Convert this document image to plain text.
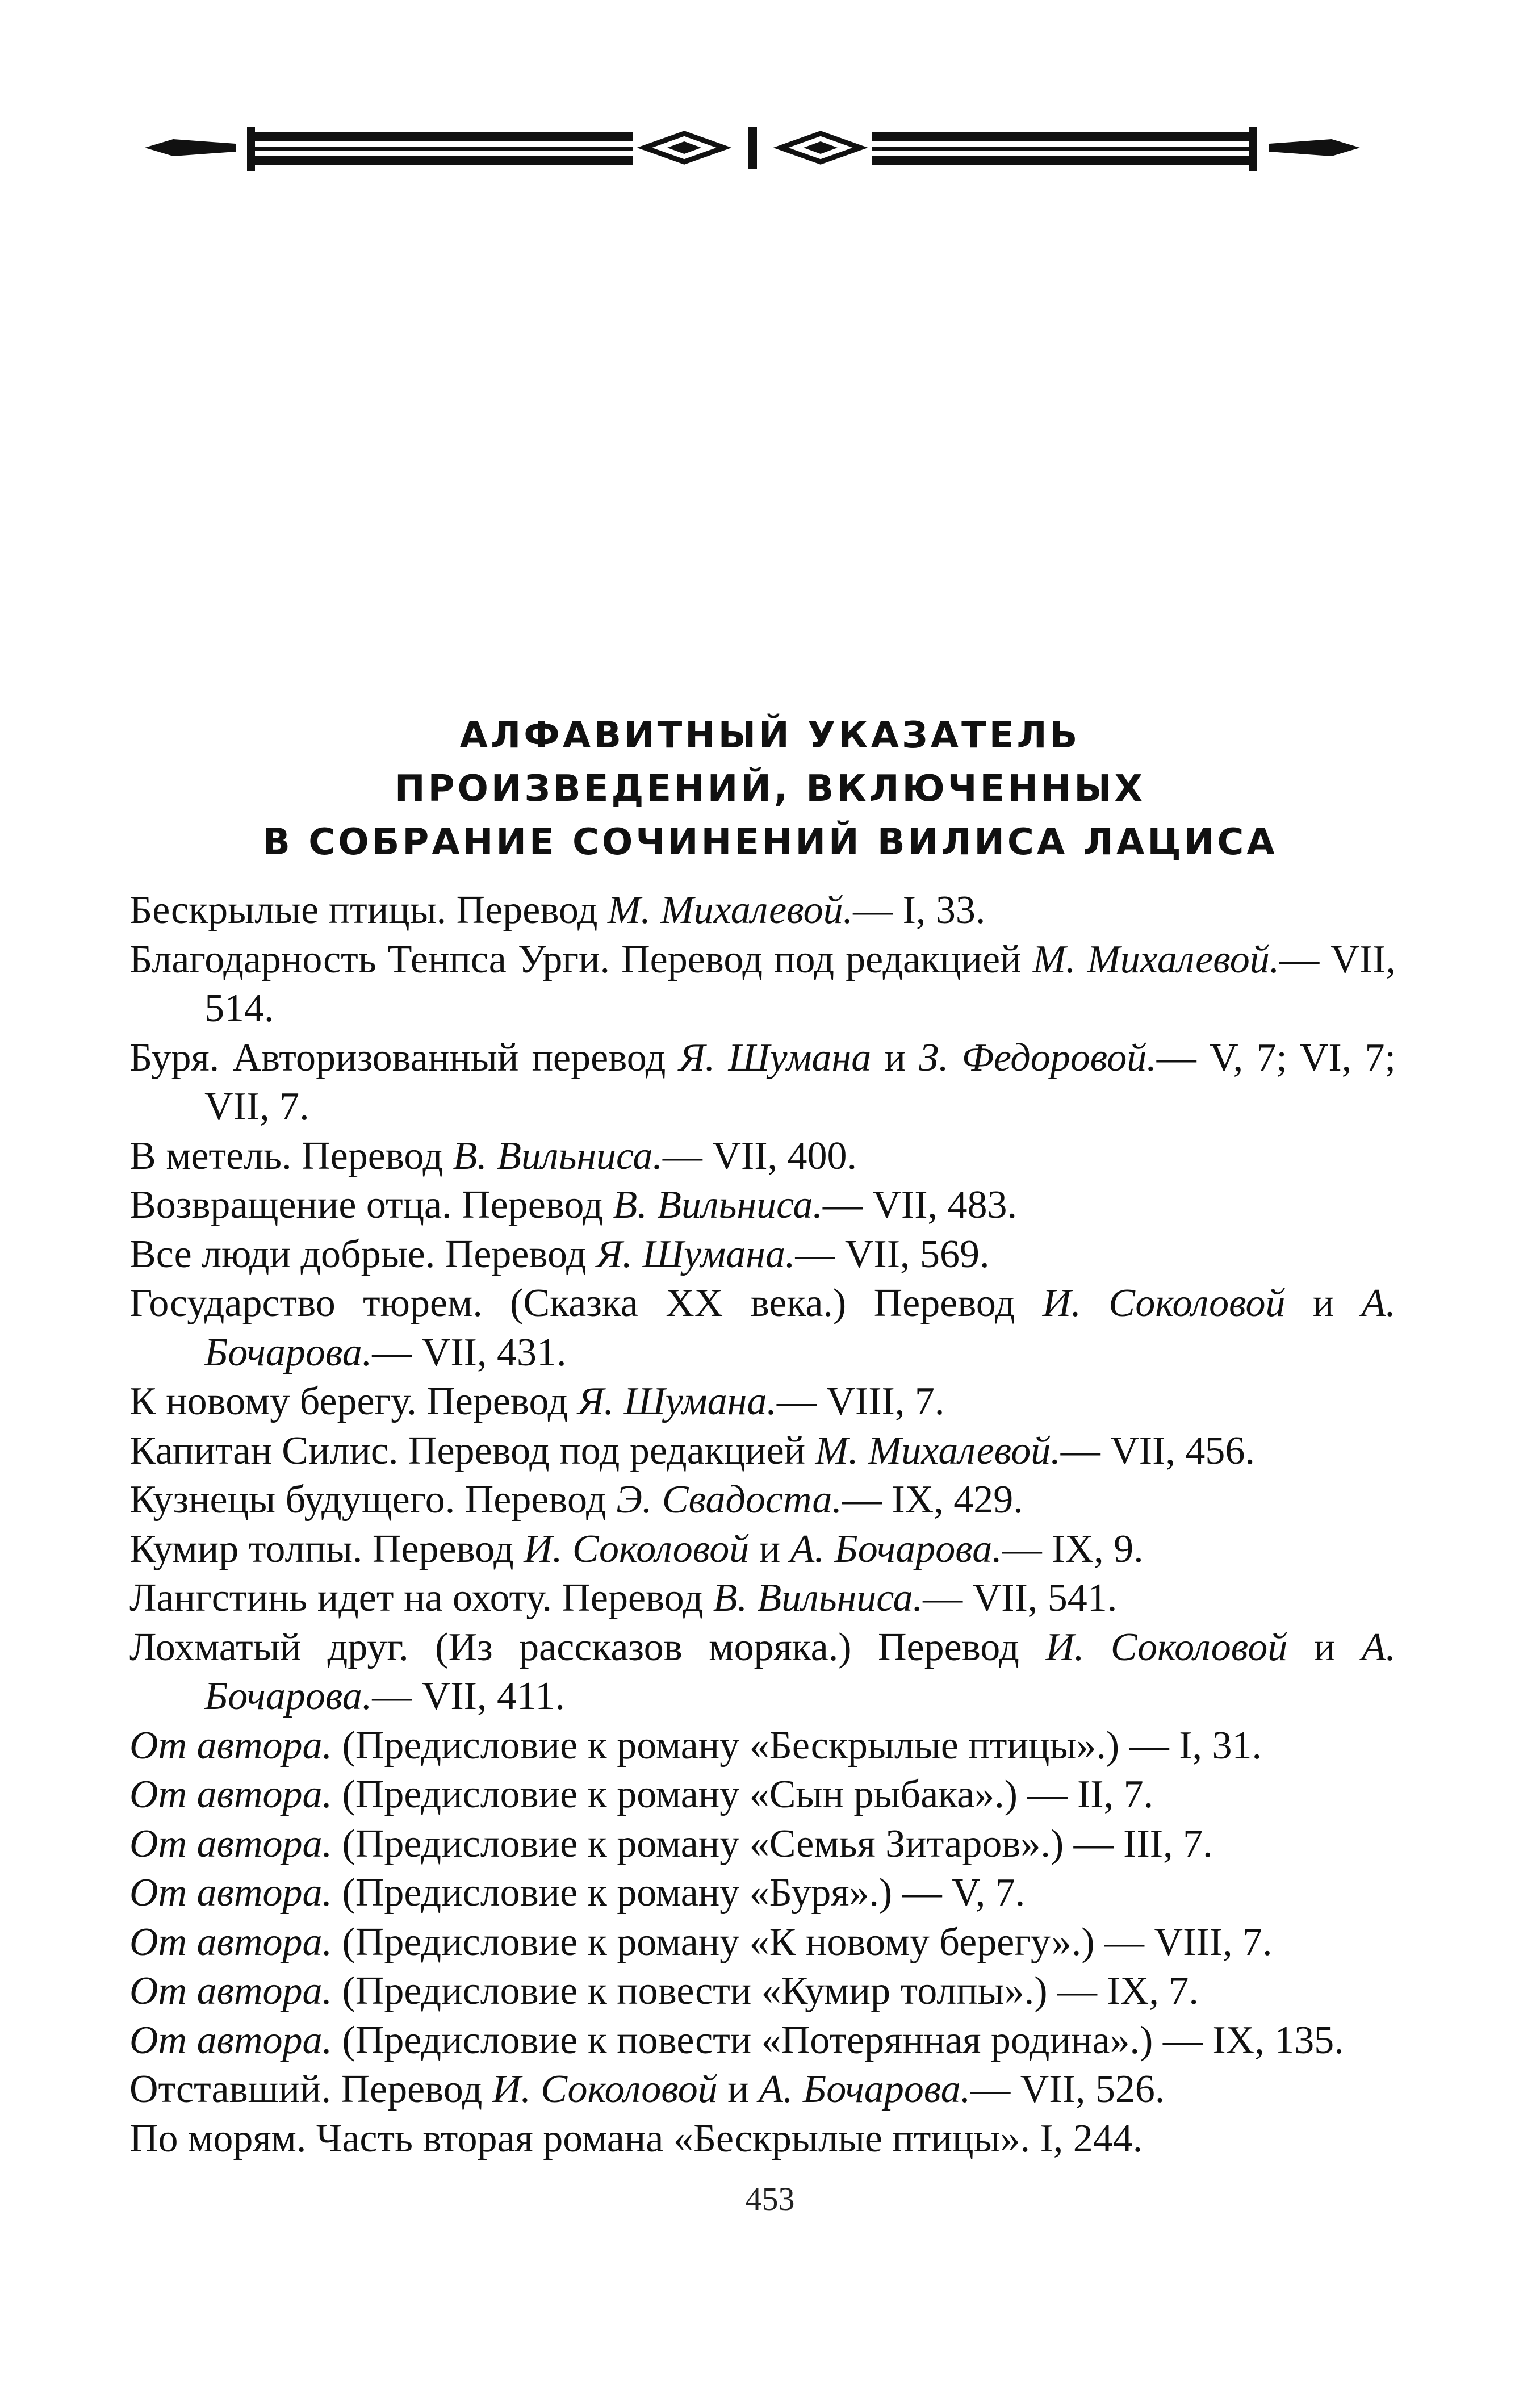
АЛФАВИТНЫЙ УКАЗАТЕЛЬ
ПРОИЗВЕДЕНИЙ, ВКЛЮЧЕННЫХ
В СОБРАНИЕ СОЧИНЕНИЙ ВИЛИСА ЛАЦИСА
Бескрылые птицы. Перевод М. Михалевой.— I, 33.
Благодарность Тенпса Урги. Перевод под редакцией М. Михалевой.— VII, 514.
Буря. Авторизованный перевод Я. Шумана и З. Федоровой.— V, 7; VI, 7; VII, 7.
В метель. Перевод В. Вильниса.— VII, 400.
Возвращение отца. Перевод В. Вильниса.— VII, 483.
Все люди добрые. Перевод Я. Шумана.— VII, 569.
Государство тюрем. (Сказка XX века.) Перевод И. Соколовой и А. Бочарова.— VII, 431.
К новому берегу. Перевод Я. Шумана.— VIII, 7.
Капитан Силис. Перевод под редакцией М. Михалевой.— VII, 456.
Кузнецы будущего. Перевод Э. Свадоста.— IX, 429.
Кумир толпы. Перевод И. Соколовой и А. Бочарова.— IX, 9.
Лангстинь идет на охоту. Перевод В. Вильниса.— VII, 541.
Лохматый друг. (Из рассказов моряка.) Перевод И. Соколовой и А. Бочарова.— VII, 411.
От автора. (Предисловие к роману «Бескрылые птицы».) — I, 31.
От автора. (Предисловие к роману «Сын рыбака».) — II, 7.
От автора. (Предисловие к роману «Семья Зитаров».) — III, 7.
От автора. (Предисловие к роману «Буря».) — V, 7.
От автора. (Предисловие к роману «К новому берегу».) — VIII, 7.
От автора. (Предисловие к повести «Кумир толпы».) — IX, 7.
От автора. (Предисловие к повести «Потерянная родина».) — IX, 135.
Отставший. Перевод И. Соколовой и А. Бочарова.— VII, 526.
По морям. Часть вторая романа «Бескрылые птицы». I, 244.
453
